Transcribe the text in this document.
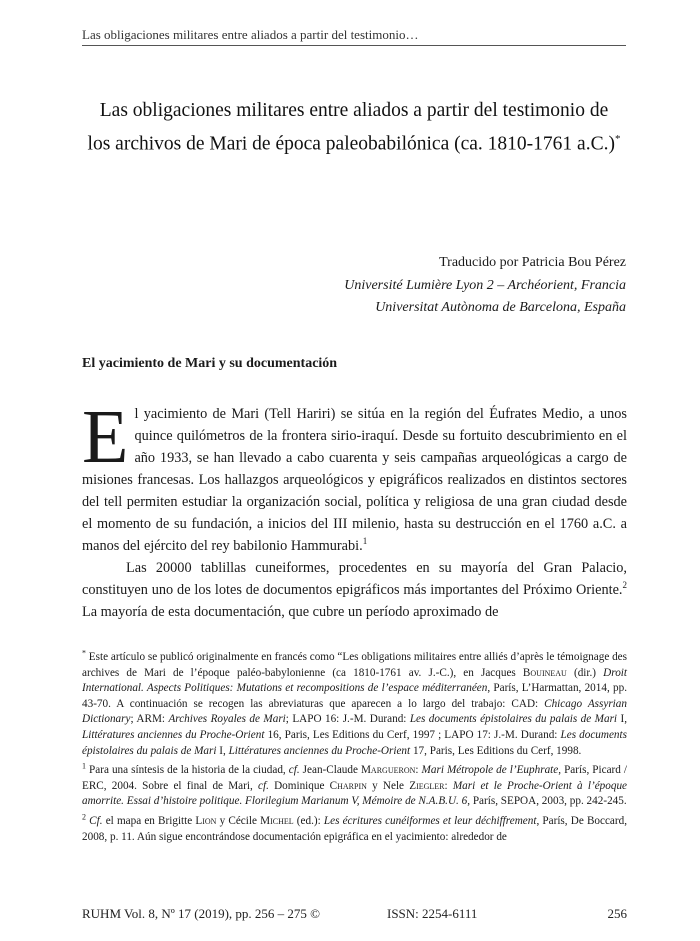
Las obligaciones militares entre aliados a partir del testimonio…
Las obligaciones militares entre aliados a partir del testimonio de
los archivos de Mari de época paleobabilónica (ca. 1810-1761 a.C.)*
Traducido por Patricia Bou Pérez
Université Lumière Lyon 2 – Archéorient, Francia
Universitat Autònoma de Barcelona, España
El yacimiento de Mari y su documentación

El yacimiento de Mari (Tell Hariri) se sitúa en la región del Éufrates Medio, a unos quince quilómetros de la frontera sirio-iraquí. Desde su fortuito descubrimiento en el año 1933, se han llevado a cabo cuarenta y seis campañas arqueológicas a cargo de misiones francesas. Los hallazgos arqueológicos y epigráficos realizados en distintos sectores del tell permiten estudiar la organización social, política y religiosa de una gran ciudad desde el momento de su fundación, a inicios del III milenio, hasta su destrucción en el 1760 a.C. a manos del ejército del rey babilonio Hammurabi.$^1$

Las 20000 tablillas cuneiformes, procedentes en su mayoría del Gran Palacio, constituyen uno de los lotes de documentos epigráficos más importantes del Próximo Oriente.$^2$ La mayoría de esta documentación, que cubre un período aproximado de

* Este artículo se publicó originalmente en francés como “Les obligations militaires entre alliés d’après le témoignage des archives de Mari de l’époque paléo-babylonienne (ca 1810-1761 av. J.-C.), en Jacques Bouineau (dir.) Droit International. Aspects Politiques: Mutations et recompositions de l’espace méditerranéen, París, L’Harmattan, 2014, pp. 43-70. A continuación se recogen las abreviaturas que aparecen a lo largo del trabajo: CAD: Chicago Assyrian Dictionary; ARM: Archives Royales de Mari; LAPO 16: J.-M. Durand: Les documents épistolaires du palais de Mari I, Littératures anciennes du Proche-Orient 16, Paris, Les Editions du Cerf, 1997 ; LAPO 17: J.-M. Durand: Les documents épistolaires du palais de Mari I, Littératures anciennes du Proche-Orient 17, Paris, Les Editions du Cerf, 1998.

$^1$ Para una síntesis de la historia de la ciudad, cf. Jean-Claude Margueron: Mari Métropole de l’Euphrate, París, Picard / ERC, 2004. Sobre el final de Mari, cf. Dominique Charpin y Nele Ziegler: Mari et le Proche-Orient à l’époque amorrite. Essai d’histoire politique. Florilegium Marianum V, Mémoire de N.A.B.U. 6, París, SEPOA, 2003, pp. 242-245.

$^2$ Cf. el mapa en Brigitte Lion y Cécile Michel (ed.): Les écritures cunéiformes et leur déchiffrement, París, De Boccard, 2008, p. 11. Aún sigue encontrándose documentación epigráfica en el yacimiento: alrededor de

RUHM Vol. 8, Nº 17 (2019), pp. 256 – 275 ©	ISSN: 2254-6111	256
